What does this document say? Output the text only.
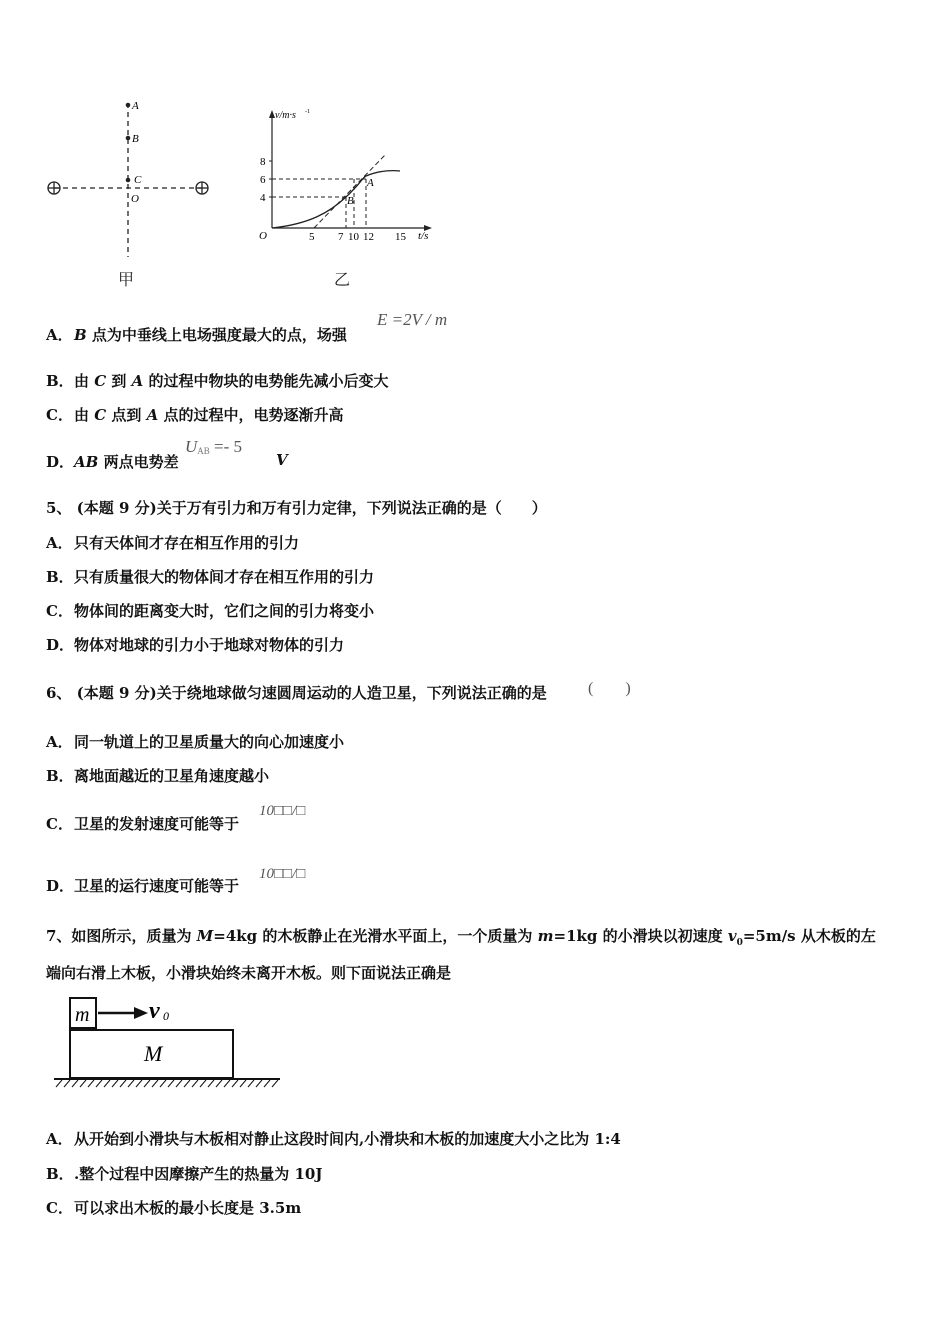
A
B
C
O
甲
v/m·s -1
t/s
O
8
6
4
5 7 10 12 15
A
B
乙
A．B 点为中垂线上电场强度最大的点，场强
E =2V / m
B．由 C 到 A 的过程中物块的电势能先减小后变大
C．由 C 点到 A 点的过程中，电势逐渐升高
D．AB 两点电势差
$U_{AB} =- 5$
V
5、 (本题 9 分)关于万有引力和万有引力定律，下列说法正确的是（　　）
A．只有天体间才存在相互作用的引力
B．只有质量很大的物体间才存在相互作用的引力
C．物体间的距离变大时，它们之间的引力将变小
D．物体对地球的引力小于地球对物体的引力
6、 (本题 9 分)关于绕地球做匀速圆周运动的人造卫星，下列说法正确的是	(　　)
A．同一轨道上的卫星质量大的向心加速度小
B．离地面越近的卫星角速度越小
C．卫星的发射速度可能等于
10□□/□
D．卫星的运行速度可能等于
10□□/□
7、如图所示，质量为 M=4kg 的木板静止在光滑水平面上，一个质量为 m=1kg 的小滑块以初速度 $v_0=5m/s$ 从木板的左
端向右滑上木板，小滑块始终未离开木板。则下面说法正确是
m v 0
M
A．从开始到小滑块与木板相对静止这段时间内,小滑块和木板的加速度大小之比为 1:4
B．.整个过程中因摩擦产生的热量为 10J
C．可以求出木板的最小长度是 3.5m
